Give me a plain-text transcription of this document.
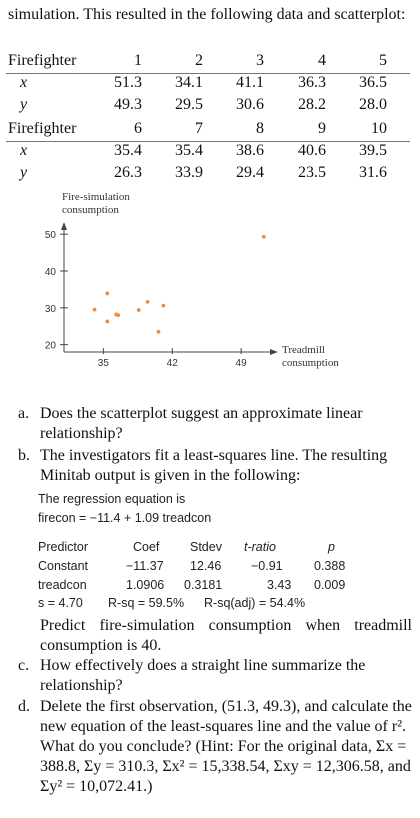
simulation. This resulted in the following data and scatterplot:
Firefighter	1	2	3	4	5
x	51.3	34.1	41.1	36.3	36.5
y	49.3	29.5	30.6	28.2	28.0
Firefighter	6	7	8	9	10
x	35.4	35.4	38.6	40.6	39.5
y	26.3	33.9	29.4	23.5	31.6
Fire-simulation
consumption
50
40
30
20
35	42	49
Treadmill
consumption
a. Does the scatterplot suggest an approximate linear relationship?
b. The investigators fit a least-squares line. The resulting Minitab output is given in the following:
The regression equation is
firecon = −11.4 + 1.09 treadcon
Predictor	Coef Stdev t-ratio	p
Constant	−11.37 12.46 −0.91	0.388
treadcon	1.0906 0.3181	3.43 0.009
s = 4.70 R-sq = 59.5% R-sq(adj) = 54.4%
Predict fire-simulation consumption when treadmill consumption is 40.
c. How effectively does a straight line summarize the relationship?
d. Delete the first observation, (51.3, 49.3), and calculate the new equation of the least-squares line and the value of r². What do you conclude? (Hint: For the original data, Σx = 388.8, Σy = 310.3, Σx² = 15,338.54, Σxy = 12,306.58, and Σy² = 10,072.41.)
